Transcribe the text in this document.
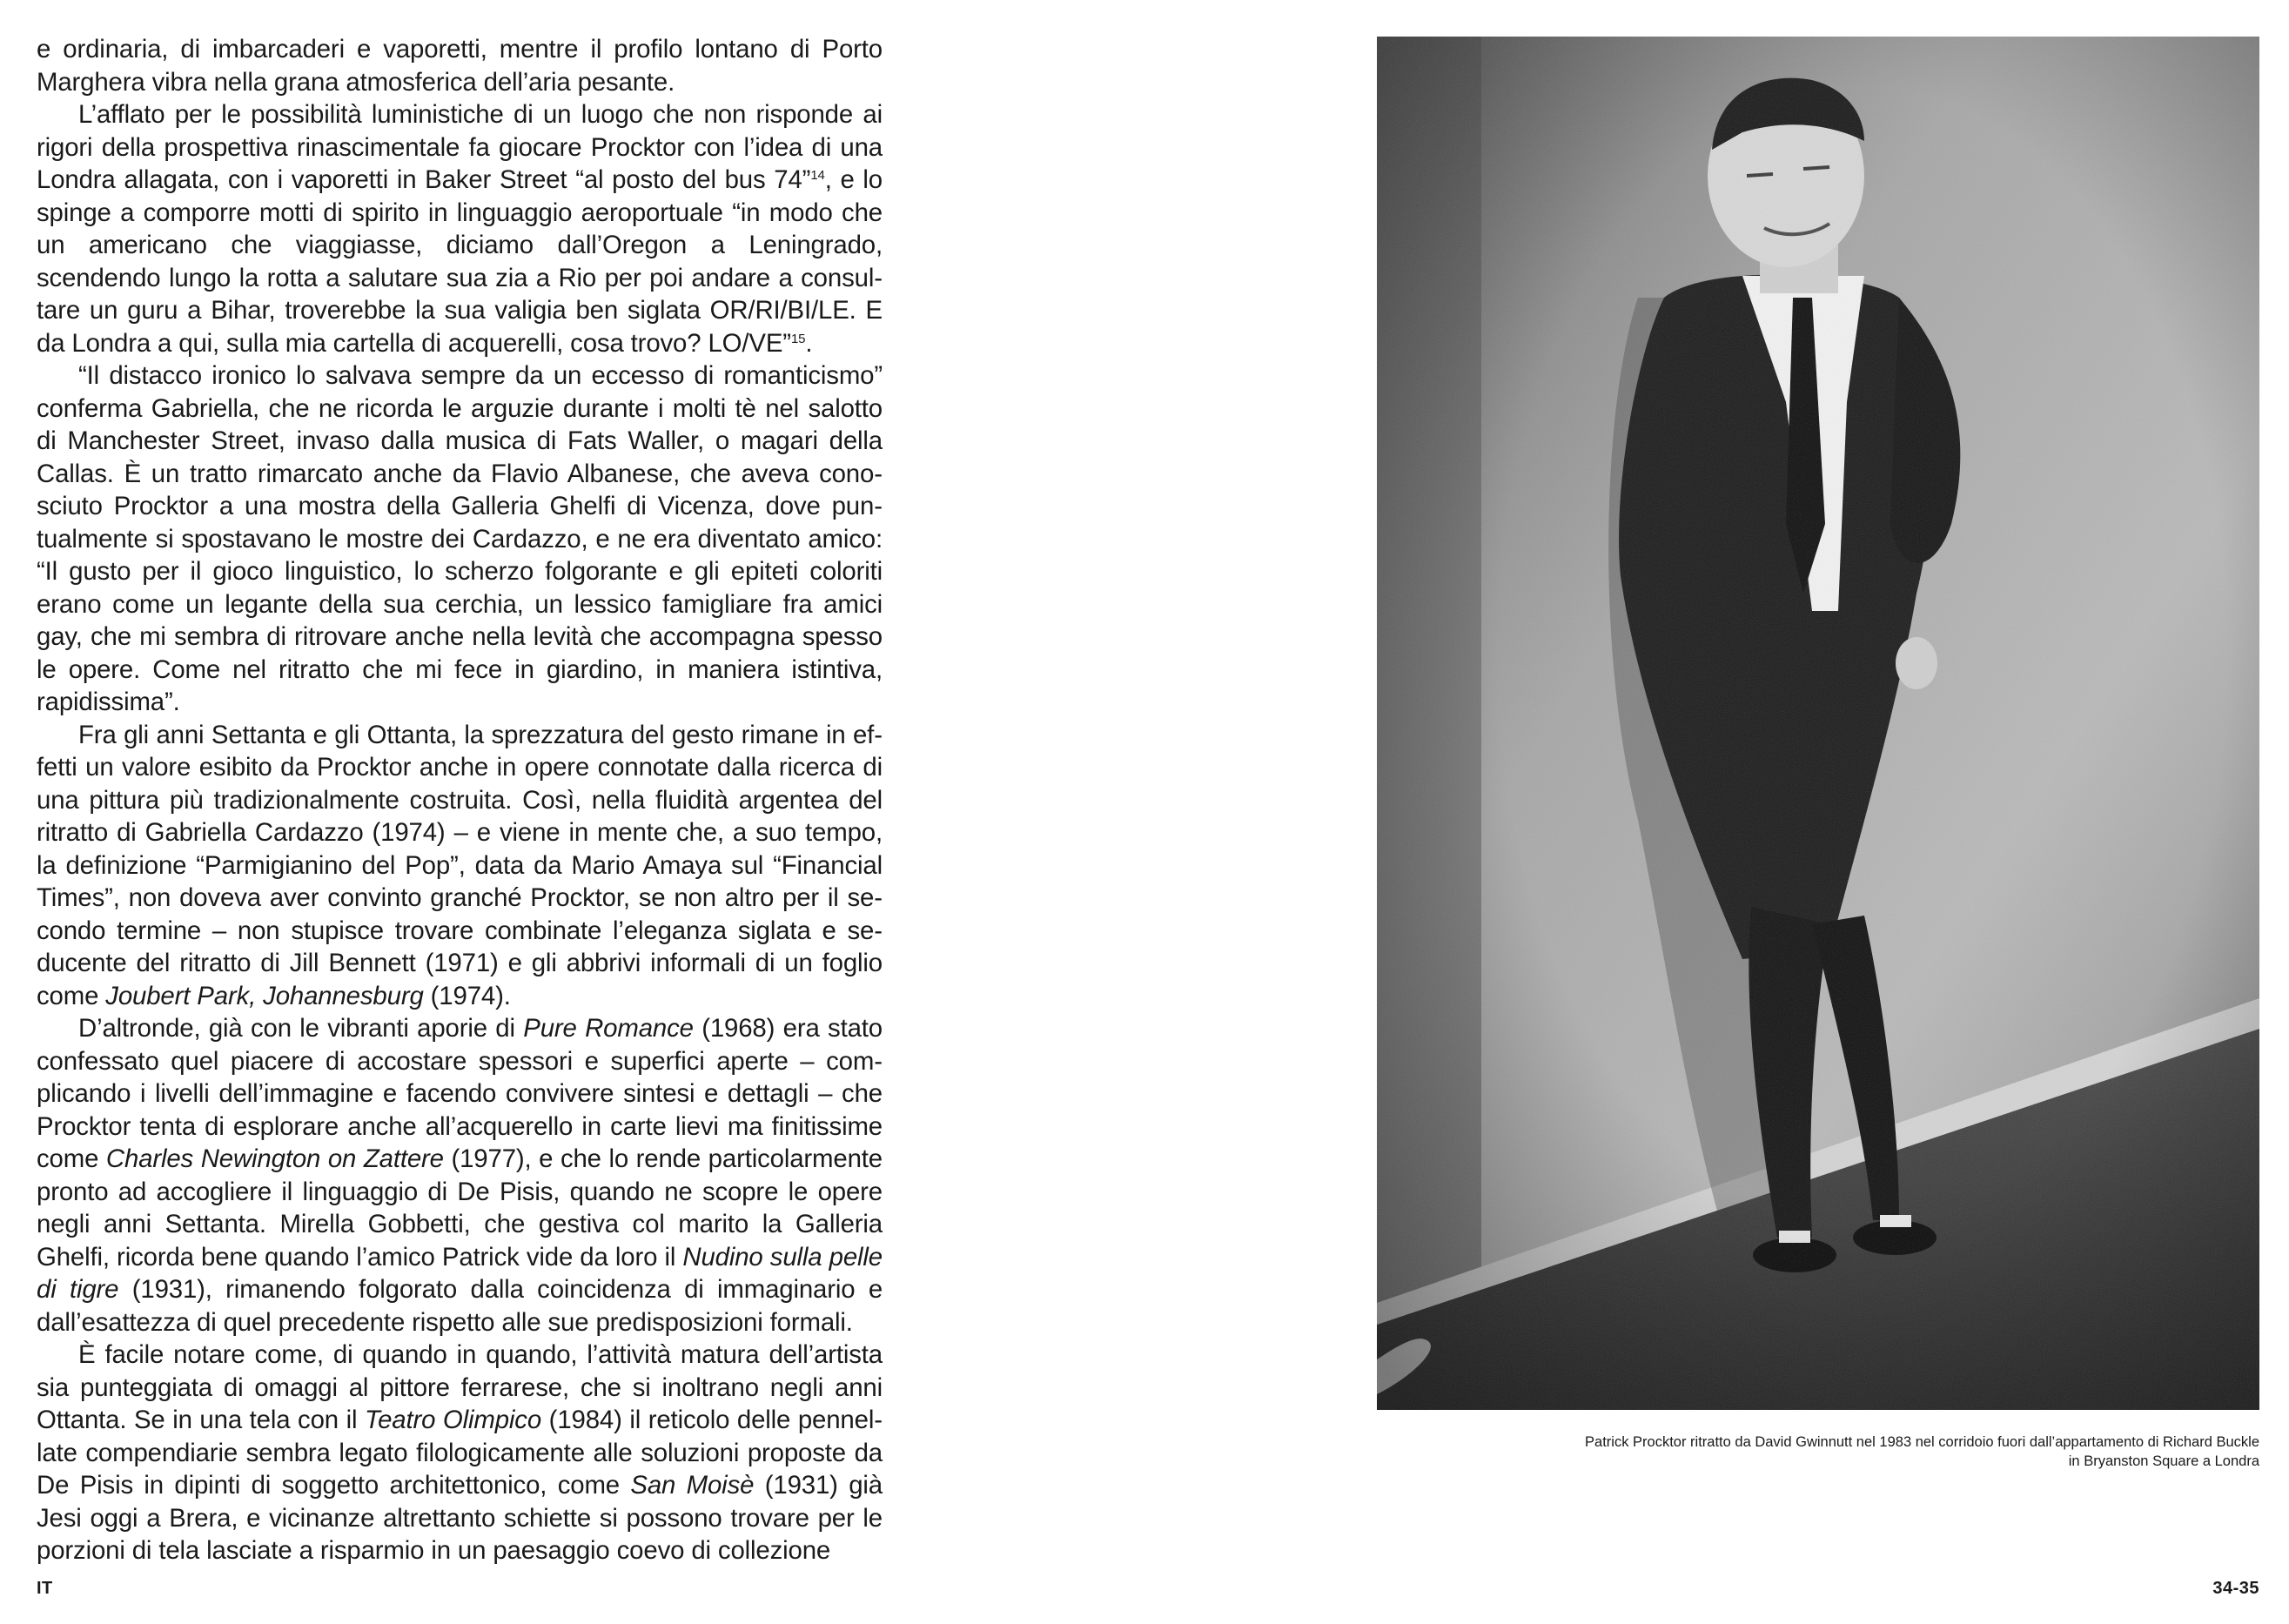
e ordinaria, di imbarcaderi e vaporetti, mentre il profilo lontano di Porto Marghera vibra nella grana atmosferica dell’aria pesante.

L’afflato per le possibilità luministiche di un luogo che non risponde ai rigori della prospettiva rinascimentale fa giocare Procktor con l’idea di una Londra allagata, con i vaporetti in Baker Street “al posto del bus 74”$^{14}$, e lo spinge a comporre motti di spirito in linguaggio aeroportuale “in modo che un americano che viaggiasse, diciamo dall’Oregon a Leningrado, scendendo lungo la rotta a salutare sua zia a Rio per poi andare a consultare un guru a Bihar, troverebbe la sua valigia ben siglata OR/RI/BI/LE. E da Londra a qui, sulla mia cartella di acquerelli, cosa trovo? LO/VE”$^{15}$.

“Il distacco ironico lo salvava sempre da un eccesso di romanticismo” conferma Gabriella, che ne ricorda le arguzie durante i molti tè nel salotto di Manchester Street, invaso dalla musica di Fats Waller, o magari della Callas. È un tratto rimarcato anche da Flavio Albanese, che aveva conosciuto Procktor a una mostra della Galleria Ghelfi di Vicenza, dove puntualmente si spostavano le mostre dei Cardazzo, e ne era diventato amico: “Il gusto per il gioco linguistico, lo scherzo folgorante e gli epiteti coloriti erano come un legante della sua cerchia, un lessico famigliare fra amici gay, che mi sembra di ritrovare anche nella levità che accompagna spesso le opere. Come nel ritratto che mi fece in giardino, in maniera istintiva, rapidissima”.

Fra gli anni Settanta e gli Ottanta, la sprezzatura del gesto rimane in effetti un valore esibito da Procktor anche in opere connotate dalla ricerca di una pittura più tradizionalmente costruita. Così, nella fluidità argentea del ritratto di Gabriella Cardazzo (1974) – e viene in mente che, a suo tempo, la definizione “Parmigianino del Pop”, data da Mario Amaya sul “Financial Times”, non doveva aver convinto granché Procktor, se non altro per il secondo termine – non stupisce trovare combinate l’eleganza siglata e seducente del ritratto di Jill Bennett (1971) e gli abbrivi informali di un foglio come Joubert Park, Johannesburg (1974).

D’altronde, già con le vibranti aporie di Pure Romance (1968) era stato confessato quel piacere di accostare spessori e superfici aperte – complicando i livelli dell’immagine e facendo convivere sintesi e dettagli – che Procktor tenta di esplorare anche all’acquerello in carte lievi ma finitissime come Charles Newington on Zattere (1977), e che lo rende particolarmente pronto ad accogliere il linguaggio di De Pisis, quando ne scopre le opere negli anni Settanta. Mirella Gobbetti, che gestiva col marito la Galleria Ghelfi, ricorda bene quando l’amico Patrick vide da loro il Nudino sulla pelle di tigre (1931), rimanendo folgorato dalla coincidenza di immaginario e dall’esattezza di quel precedente rispetto alle sue predisposizioni formali.

È facile notare come, di quando in quando, l’attività matura dell’artista sia punteggiata di omaggi al pittore ferrarese, che si inoltrano negli anni Ottanta. Se in una tela con il Teatro Olimpico (1984) il reticolo delle pennellate compendiarie sembra legato filologicamente alle soluzioni proposte da De Pisis in dipinti di soggetto architettonico, come San Moisè (1931) già Jesi oggi a Brera, e vicinanze altrettanto schiette si possono trovare per le porzioni di tela lasciate a risparmio in un paesaggio coevo di collezione

Patrick Procktor ritratto da David Gwinnutt nel 1983 nel corridoio fuori dall’appartamento di Richard Buckle
in Bryanston Square a Londra
IT	34-35
